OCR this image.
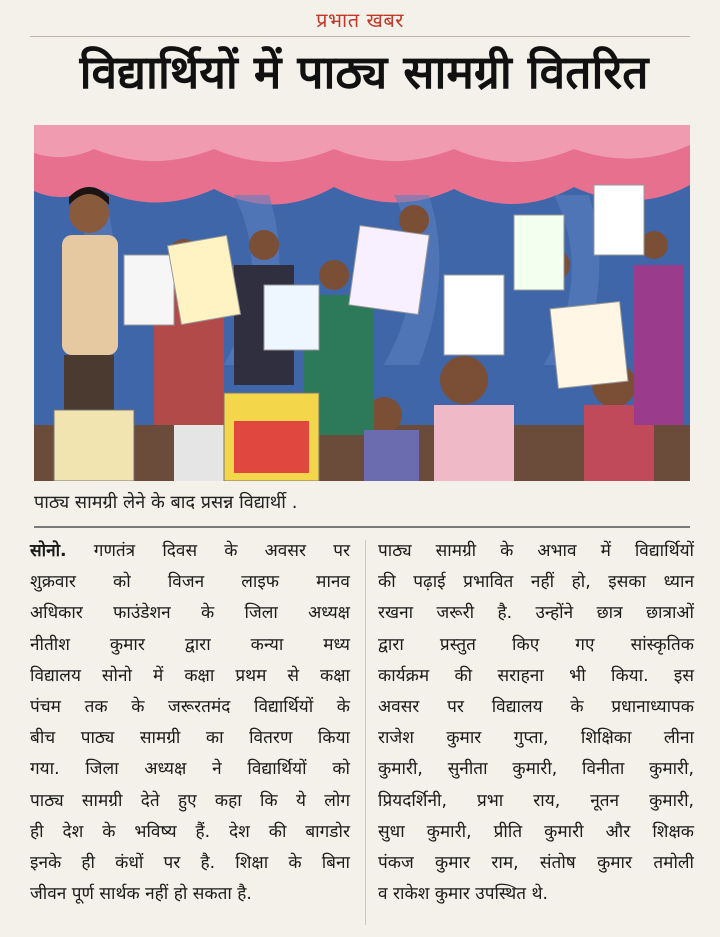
प्रभात खबर
विद्यार्थियों में पाठ्य सामग्री वितरित
पाठ्य सामग्री लेने के बाद प्रसन्न विद्यार्थी .
सोनो. गणतंत्र दिवस के अवसर पर
शुक्रवार को विजन लाइफ मानव
अधिकार फाउंडेशन के जिला अध्यक्ष
नीतीश कुमार द्वारा कन्या मध्य
विद्यालय सोनो में कक्षा प्रथम से कक्षा
पंचम तक के जरूरतमंद विद्यार्थियों के
बीच पाठ्य सामग्री का वितरण किया
गया. जिला अध्यक्ष ने विद्यार्थियों को
पाठ्य सामग्री देते हुए कहा कि ये लोग
ही देश के भविष्य हैं. देश की बागडोर
इनके ही कंधों पर है. शिक्षा के बिना
जीवन पूर्ण सार्थक नहीं हो सकता है.
पाठ्य सामग्री के अभाव में विद्यार्थियों
की पढ़ाई प्रभावित नहीं हो, इसका ध्यान
रखना जरूरी है. उन्होंने छात्र छात्राओं
द्वारा प्रस्तुत किए गए सांस्कृतिक
कार्यक्रम की सराहना भी किया. इस
अवसर पर विद्यालय के प्रधानाध्यापक
राजेश कुमार गुप्ता, शिक्षिका लीना
कुमारी, सुनीता कुमारी, विनीता कुमारी,
प्रियदर्शिनी, प्रभा राय, नूतन कुमारी,
सुधा कुमारी, प्रीति कुमारी और शिक्षक
पंकज कुमार राम, संतोष कुमार तमोली
व राकेश कुमार उपस्थित थे.
